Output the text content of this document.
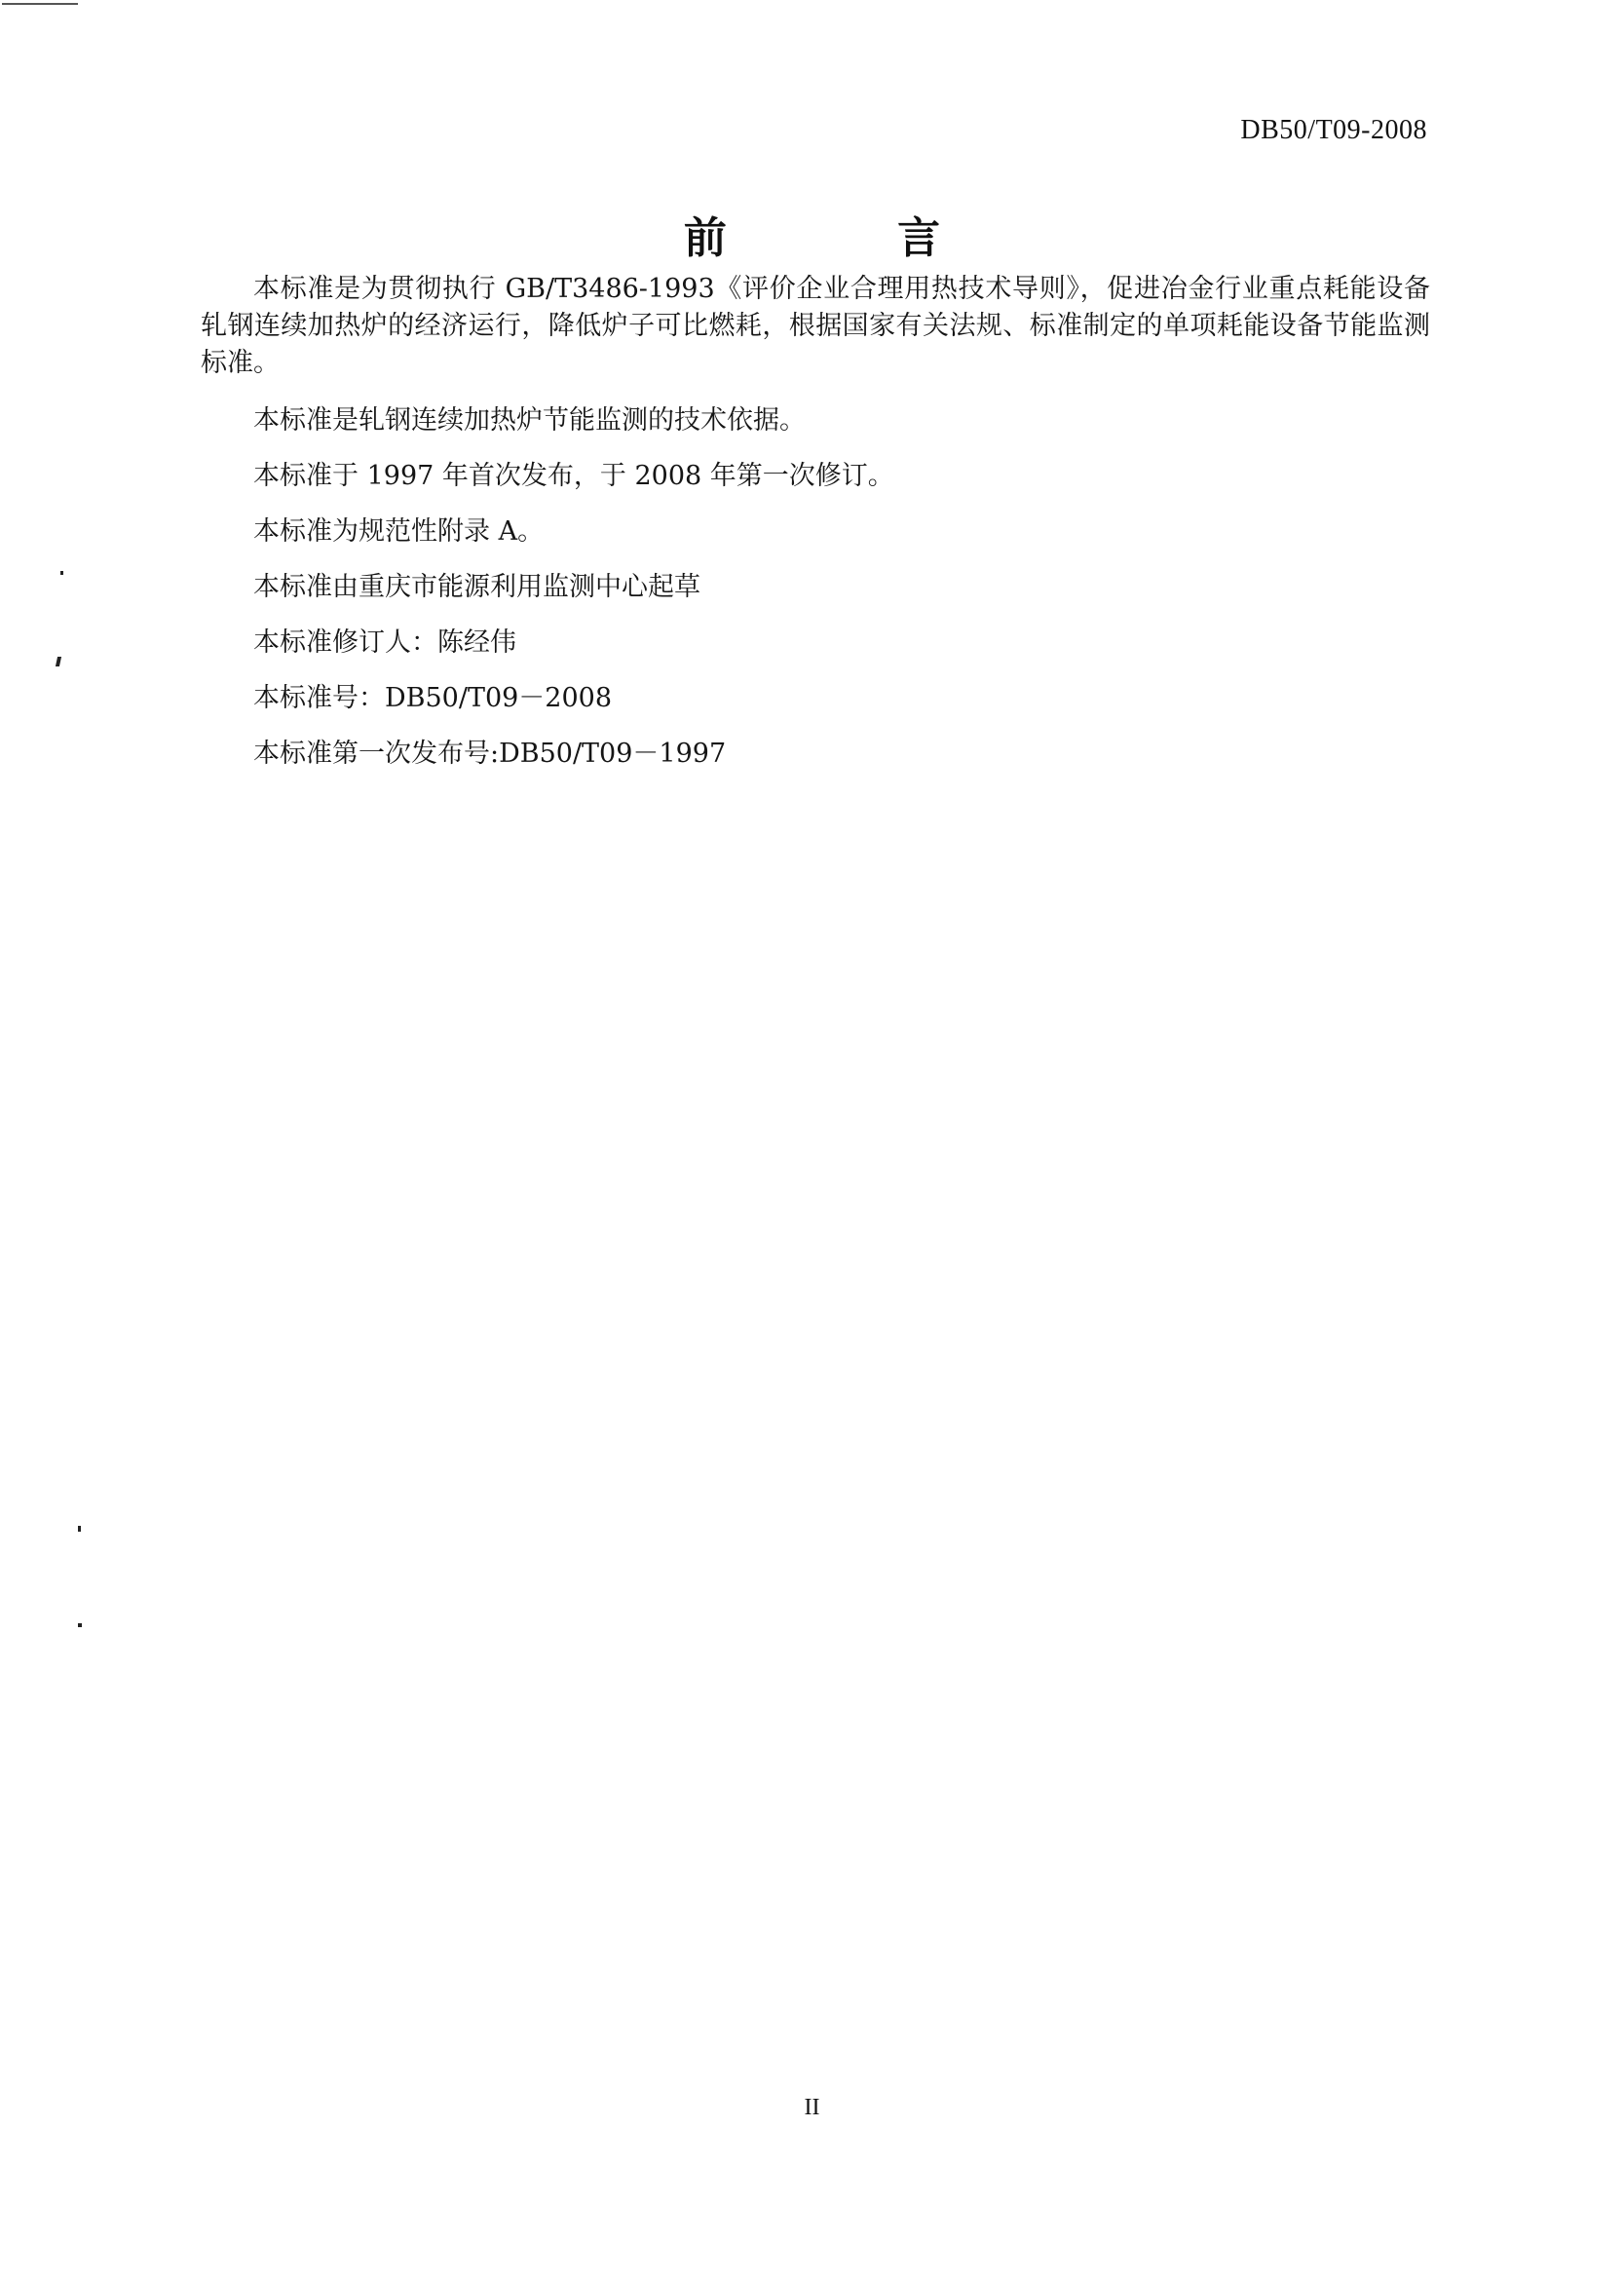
DB50/T09-2008
前 言

本标准是为贯彻执行 GB/T3486-1993《评价企业合理用热技术导则》，促进冶金行业重点耗能设备轧钢连续加热炉的经济运行，降低炉子可比燃耗，根据国家有关法规、标准制定的单项耗能设备节能监测标准。

本标准是轧钢连续加热炉节能监测的技术依据。

本标准于 1997 年首次发布，于 2008 年第一次修订。

本标准为规范性附录 A。

本标准由重庆市能源利用监测中心起草

本标准修订人：陈经伟

本标准号：DB50/T09－2008

本标准第一次发布号:DB50/T09－1997

II
